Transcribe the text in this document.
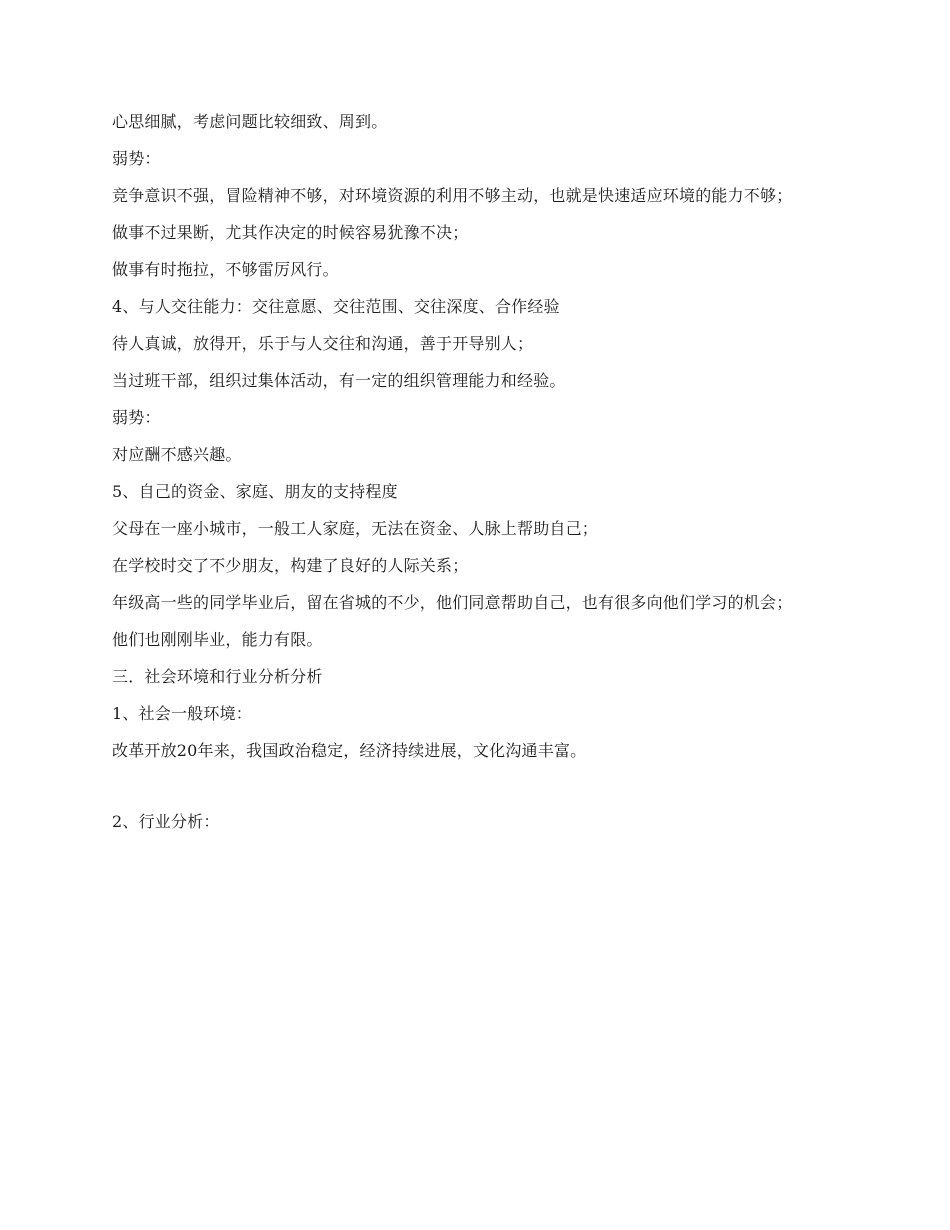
心思细腻，考虑问题比较细致、周到。

弱势：

竞争意识不强，冒险精神不够，对环境资源的利用不够主动，也就是快速适应环境的能力不够；

做事不过果断，尤其作决定的时候容易犹豫不决；

做事有时拖拉，不够雷厉风行。

4、与人交往能力：交往意愿、交往范围、交往深度、合作经验

待人真诚，放得开，乐于与人交往和沟通，善于开导别人；

当过班干部，组织过集体活动，有一定的组织管理能力和经验。

弱势：

对应酬不感兴趣。

5、自己的资金、家庭、朋友的支持程度

父母在一座小城市，一般工人家庭，无法在资金、人脉上帮助自己；

在学校时交了不少朋友，构建了良好的人际关系；

年级高一些的同学毕业后，留在省城的不少，他们同意帮助自己，也有很多向他们学习的机会；

他们也刚刚毕业，能力有限。

三．社会环境和行业分析分析

1、社会一般环境：

改革开放20年来，我国政治稳定，经济持续进展，文化沟通丰富。

2、行业分析：
